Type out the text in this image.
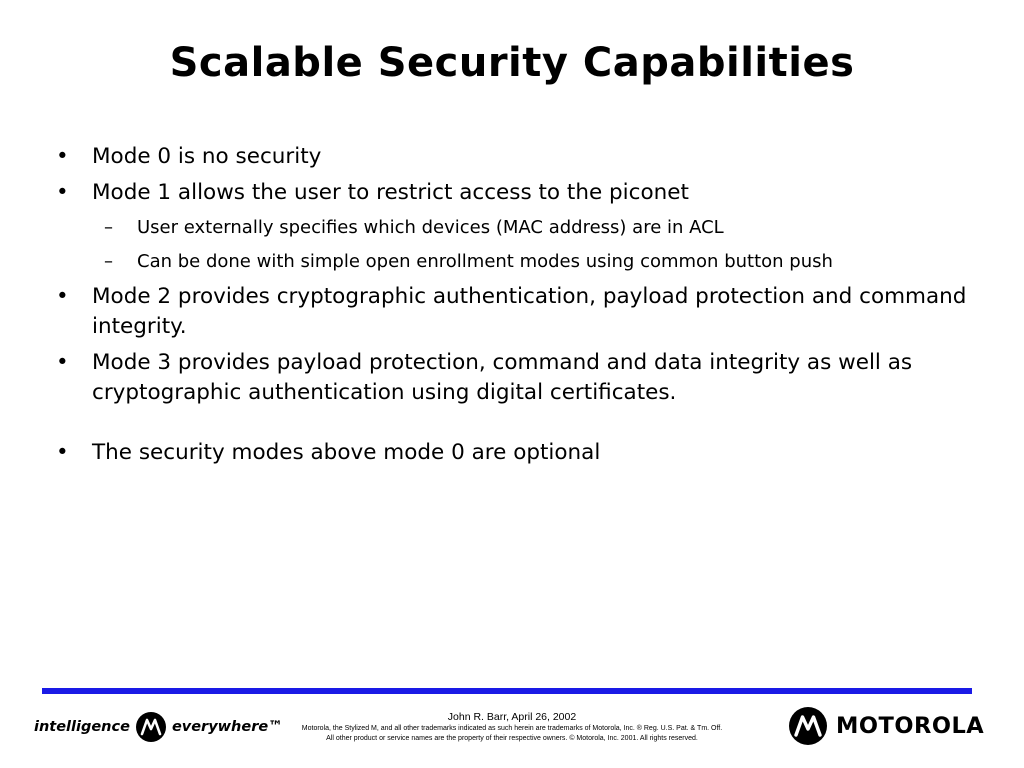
Scalable Security Capabilities
• Mode 0 is no security
• Mode 1 allows the user to restrict access to the piconet
– User externally specifies which devices (MAC address) are in ACL
– Can be done with simple open enrollment modes using common button push
• Mode 2 provides cryptographic authentication, payload protection and command integrity.
• Mode 3 provides payload protection, command and data integrity as well as cryptographic authentication using digital certificates.
• The security modes above mode 0 are optional
intelligence	everywhere™
John R. Barr, April 26, 2002
Motorola, the Stylized M, and all other trademarks indicated as such herein are trademarks of Motorola, Inc. ® Reg. U.S. Pat. & Tm. Off.
All other product or service names are the property of their respective owners. © Motorola, Inc. 2001. All rights reserved.	MOTOROLA
